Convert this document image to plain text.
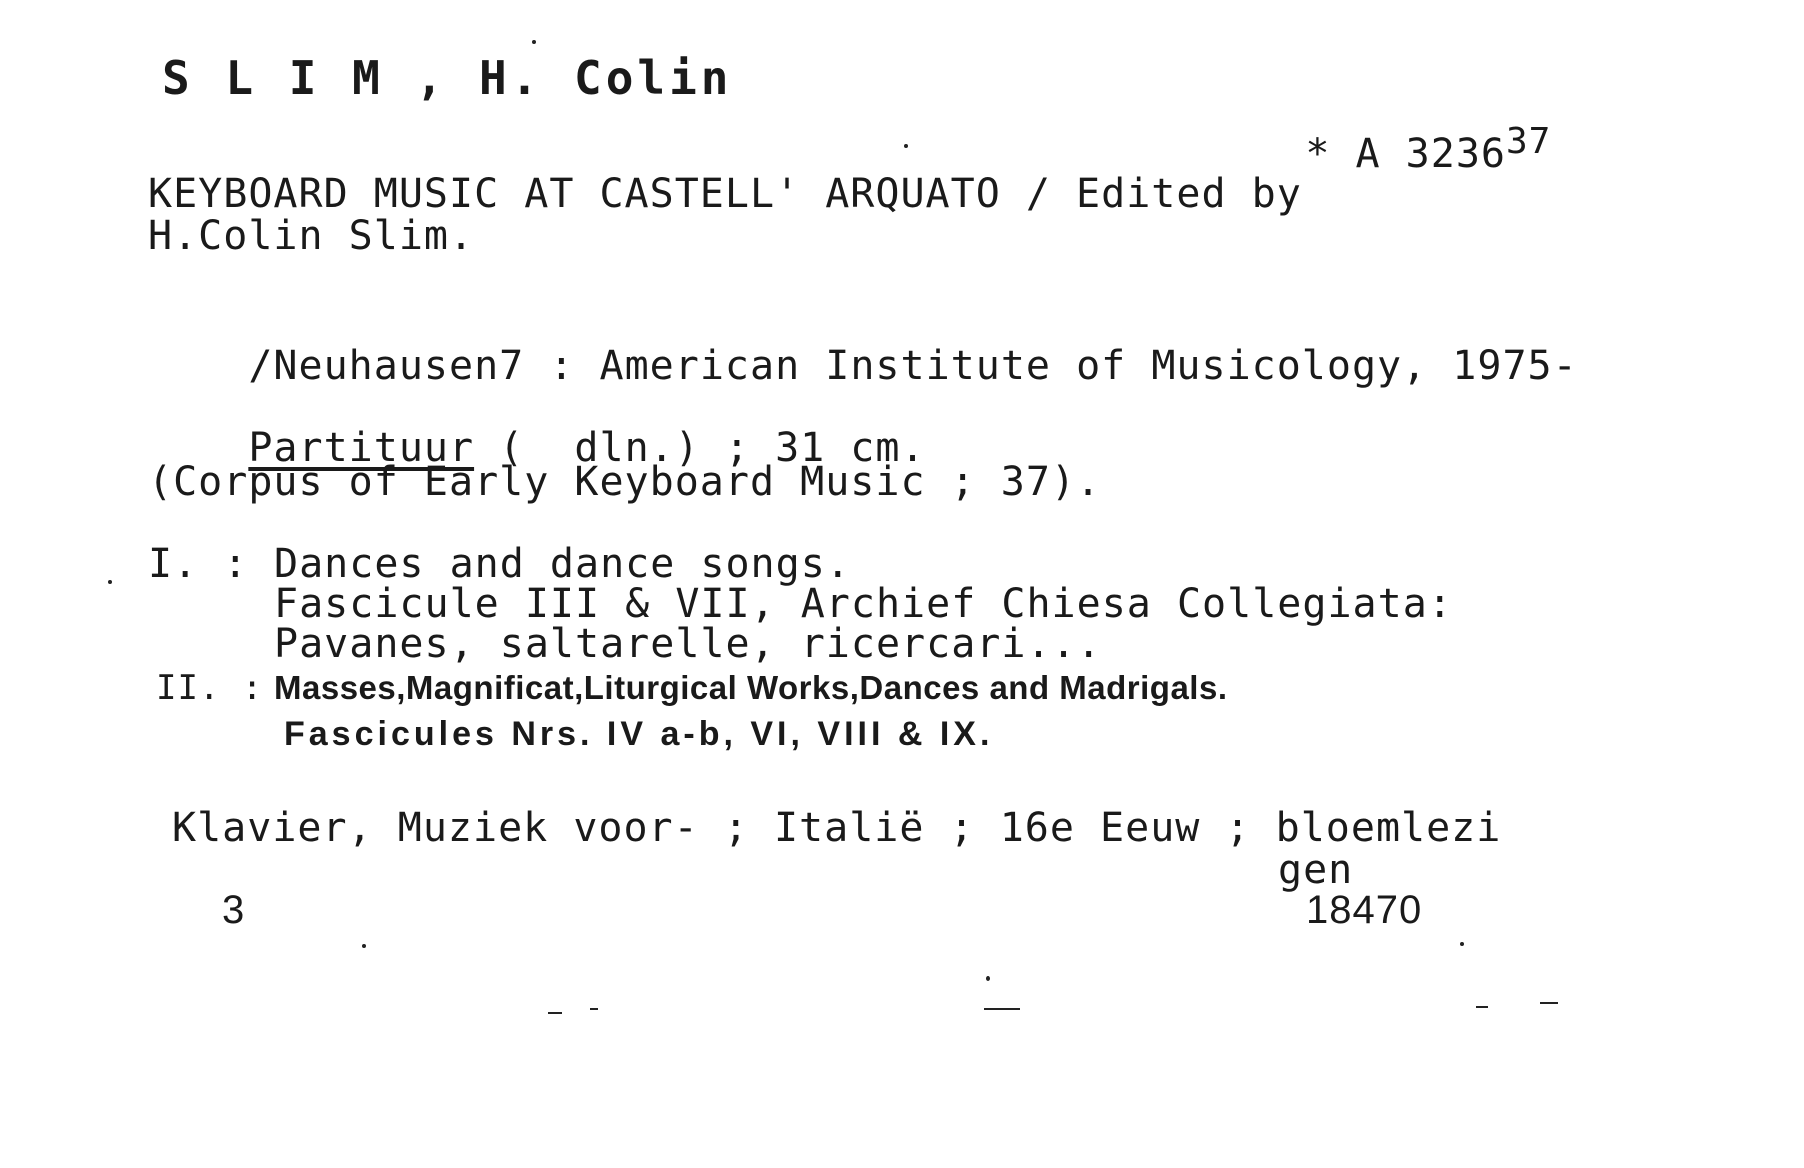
S L I M , H. Colin

* A 3236$^{37}$

KEYBOARD MUSIC AT CASTELL' ARQUATO / Edited by
H.Colin Slim.

/Neuhausen7 : American Institute of Musicology, 1975-

Partituur (  dln.) ; 31 cm.

(Corpus of Early Keyboard Music ; 37).
I. : Dances and dance songs.
Fascicule III & VII, Archief Chiesa Collegiata:
Pavanes, saltarelle, ricercari...
II. : Masses,Magnificat,Liturgical Works,Dances and Madrigals.
Fascicules Nrs. IV a-b, VI, VIII & IX.
Klavier, Muziek voor- ; Italië ; 16e Eeuw ; bloemlezi
gen
3	18470
